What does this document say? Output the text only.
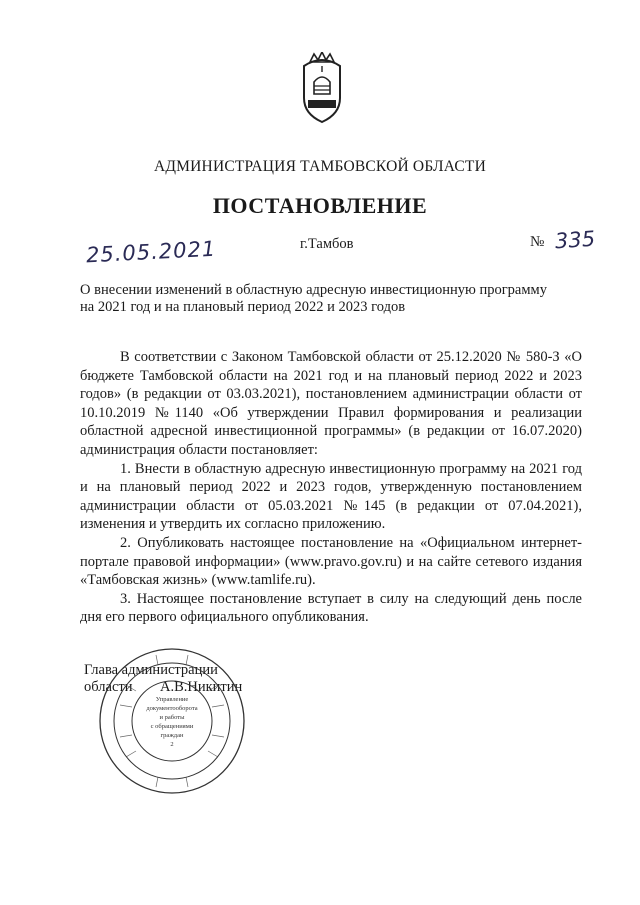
АДМИНИСТРАЦИЯ ТАМБОВСКОЙ ОБЛАСТИ
ПОСТАНОВЛЕНИЕ
25.05.2021	г.Тамбов	№ 335
О внесении изменений в областную адресную инвестиционную программу
на 2021 год и на плановый период 2022 и 2023 годов

В соответствии с Законом Тамбовской области от 25.12.2020 № 580-З «О бюджете Тамбовской области на 2021 год и на плановый период 2022 и 2023 годов» (в редакции от 03.03.2021), постановлением администрации области от 10.10.2019 №1140 «Об утверждении Правил формирования и реализации областной адресной инвестиционной программы» (в редакции от 16.07.2020) администрация области постановляет:

1. Внести в областную адресную инвестиционную программу на 2021 год и на плановый период 2022 и 2023 годов, утвержденную постановлением администрации области от 05.03.2021 №145 (в редакции от 07.04.2021), изменения и утвердить их согласно приложению.

2. Опубликовать настоящее постановление на «Официальном интернет-портале правовой информации» (www.pravo.gov.ru) и на сайте сетевого издания «Тамбовская жизнь» (www.tamlife.ru).

3. Настоящее постановление вступает в силу на следующий день после дня его первого официального опубликования.

Глава администрации
области	А.В.Никитин
Управление
документооборота
и работы
с обращениями
граждан
2
